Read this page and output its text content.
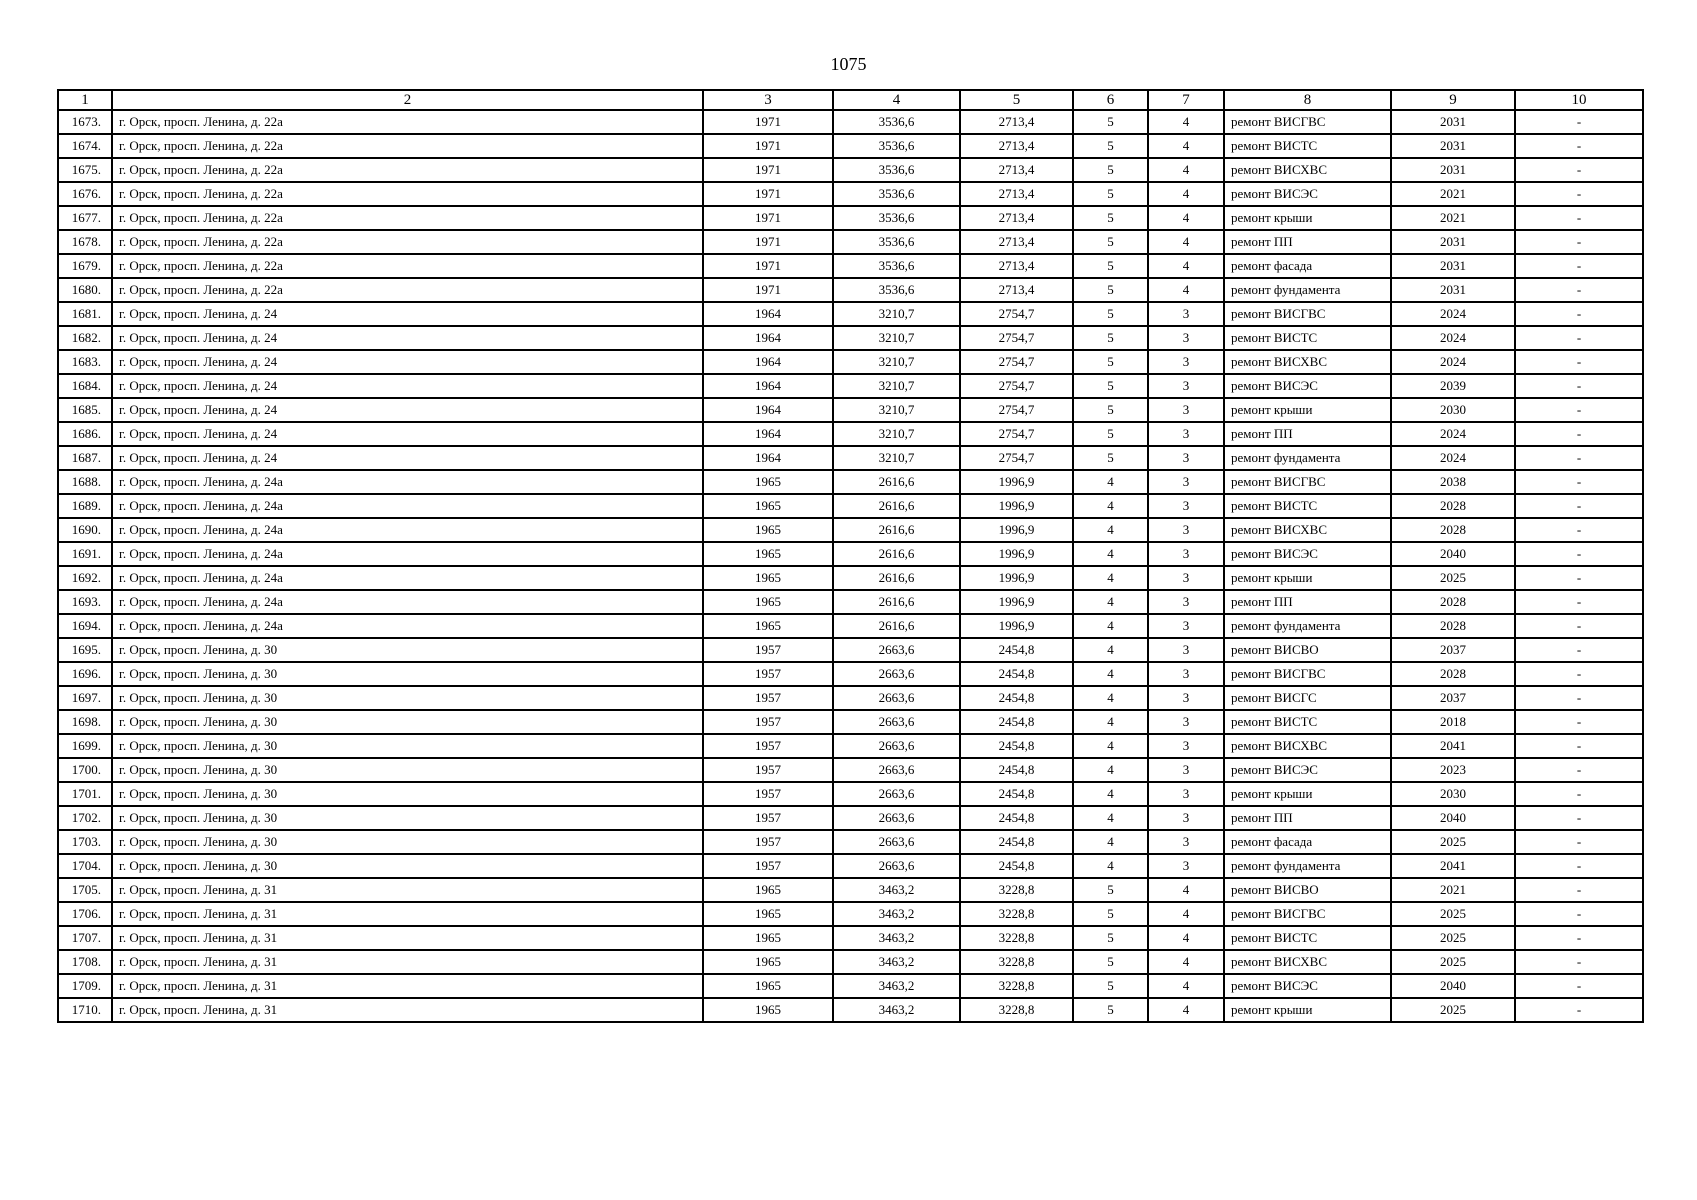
1075
1	2	3	4	5	6	7	8	9	10
1673.	г. Орск, просп. Ленина, д. 22а	1971	3536,6	2713,4	5	4	ремонт ВИСГВС	2031	-
1674.	г. Орск, просп. Ленина, д. 22а	1971	3536,6	2713,4	5	4	ремонт ВИСТС	2031	-
1675.	г. Орск, просп. Ленина, д. 22а	1971	3536,6	2713,4	5	4	ремонт ВИСХВС	2031	-
1676.	г. Орск, просп. Ленина, д. 22а	1971	3536,6	2713,4	5	4	ремонт ВИСЭС	2021	-
1677.	г. Орск, просп. Ленина, д. 22а	1971	3536,6	2713,4	5	4	ремонт крыши	2021	-
1678.	г. Орск, просп. Ленина, д. 22а	1971	3536,6	2713,4	5	4	ремонт ПП	2031	-
1679.	г. Орск, просп. Ленина, д. 22а	1971	3536,6	2713,4	5	4	ремонт фасада	2031	-
1680.	г. Орск, просп. Ленина, д. 22а	1971	3536,6	2713,4	5	4	ремонт фундамента	2031	-
1681.	г. Орск, просп. Ленина, д. 24	1964	3210,7	2754,7	5	3	ремонт ВИСГВС	2024	-
1682.	г. Орск, просп. Ленина, д. 24	1964	3210,7	2754,7	5	3	ремонт ВИСТС	2024	-
1683.	г. Орск, просп. Ленина, д. 24	1964	3210,7	2754,7	5	3	ремонт ВИСХВС	2024	-
1684.	г. Орск, просп. Ленина, д. 24	1964	3210,7	2754,7	5	3	ремонт ВИСЭС	2039	-
1685.	г. Орск, просп. Ленина, д. 24	1964	3210,7	2754,7	5	3	ремонт крыши	2030	-
1686.	г. Орск, просп. Ленина, д. 24	1964	3210,7	2754,7	5	3	ремонт ПП	2024	-
1687.	г. Орск, просп. Ленина, д. 24	1964	3210,7	2754,7	5	3	ремонт фундамента	2024	-
1688.	г. Орск, просп. Ленина, д. 24а	1965	2616,6	1996,9	4	3	ремонт ВИСГВС	2038	-
1689.	г. Орск, просп. Ленина, д. 24а	1965	2616,6	1996,9	4	3	ремонт ВИСТС	2028	-
1690.	г. Орск, просп. Ленина, д. 24а	1965	2616,6	1996,9	4	3	ремонт ВИСХВС	2028	-
1691.	г. Орск, просп. Ленина, д. 24а	1965	2616,6	1996,9	4	3	ремонт ВИСЭС	2040	-
1692.	г. Орск, просп. Ленина, д. 24а	1965	2616,6	1996,9	4	3	ремонт крыши	2025	-
1693.	г. Орск, просп. Ленина, д. 24а	1965	2616,6	1996,9	4	3	ремонт ПП	2028	-
1694.	г. Орск, просп. Ленина, д. 24а	1965	2616,6	1996,9	4	3	ремонт фундамента	2028	-
1695.	г. Орск, просп. Ленина, д. 30	1957	2663,6	2454,8	4	3	ремонт ВИСВО	2037	-
1696.	г. Орск, просп. Ленина, д. 30	1957	2663,6	2454,8	4	3	ремонт ВИСГВС	2028	-
1697.	г. Орск, просп. Ленина, д. 30	1957	2663,6	2454,8	4	3	ремонт ВИСГС	2037	-
1698.	г. Орск, просп. Ленина, д. 30	1957	2663,6	2454,8	4	3	ремонт ВИСТС	2018	-
1699.	г. Орск, просп. Ленина, д. 30	1957	2663,6	2454,8	4	3	ремонт ВИСХВС	2041	-
1700.	г. Орск, просп. Ленина, д. 30	1957	2663,6	2454,8	4	3	ремонт ВИСЭС	2023	-
1701.	г. Орск, просп. Ленина, д. 30	1957	2663,6	2454,8	4	3	ремонт крыши	2030	-
1702.	г. Орск, просп. Ленина, д. 30	1957	2663,6	2454,8	4	3	ремонт ПП	2040	-
1703.	г. Орск, просп. Ленина, д. 30	1957	2663,6	2454,8	4	3	ремонт фасада	2025	-
1704.	г. Орск, просп. Ленина, д. 30	1957	2663,6	2454,8	4	3	ремонт фундамента	2041	-
1705.	г. Орск, просп. Ленина, д. 31	1965	3463,2	3228,8	5	4	ремонт ВИСВО	2021	-
1706.	г. Орск, просп. Ленина, д. 31	1965	3463,2	3228,8	5	4	ремонт ВИСГВС	2025	-
1707.	г. Орск, просп. Ленина, д. 31	1965	3463,2	3228,8	5	4	ремонт ВИСТС	2025	-
1708.	г. Орск, просп. Ленина, д. 31	1965	3463,2	3228,8	5	4	ремонт ВИСХВС	2025	-
1709.	г. Орск, просп. Ленина, д. 31	1965	3463,2	3228,8	5	4	ремонт ВИСЭС	2040	-
1710.	г. Орск, просп. Ленина, д. 31	1965	3463,2	3228,8	5	4	ремонт крыши	2025	-
